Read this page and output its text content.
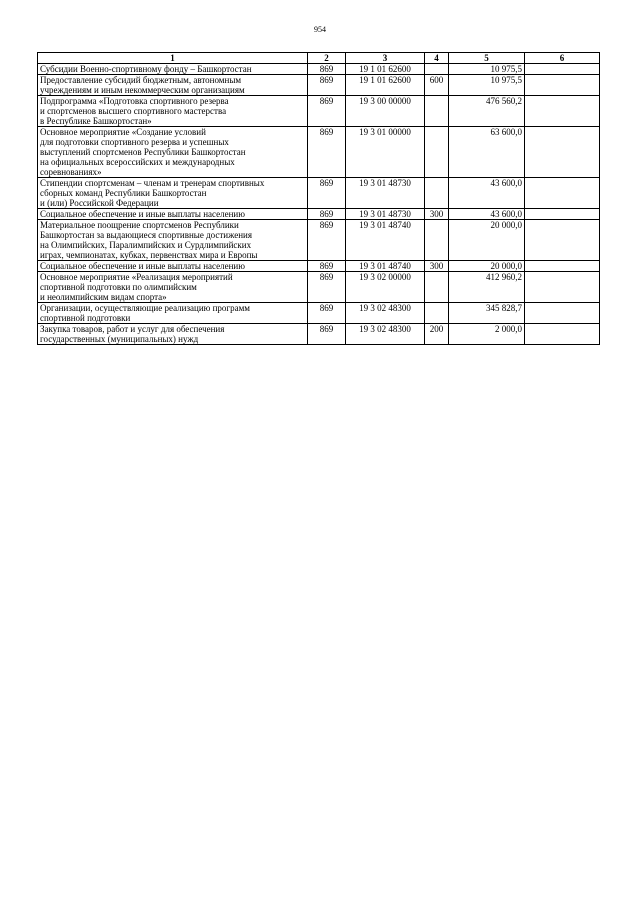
954
1	2	3	4	5	6
Субсидии Военно-спортивному фонду – Башкортостан	869	19 1 01 62600		10 975,5	
Предоставление субсидий бюджетным, автономным
учреждениям и иным некоммерческим организациям	869	19 1 01 62600	600	10 975,5	
Подпрограмма «Подготовка спортивного резерва
и спортсменов высшего спортивного мастерства
в Республике Башкортостан»	869	19 3 00 00000		476 560,2	
Основное мероприятие «Создание условий
для подготовки спортивного резерва и успешных
выступлений спортсменов Республики Башкортостан
на официальных всероссийских и международных
соревнованиях»	869	19 3 01 00000		63 600,0	
Стипендии спортсменам – членам и тренерам спортивных
сборных команд Республики Башкортостан
и (или) Российской Федерации	869	19 3 01 48730		43 600,0	
Социальное обеспечение и иные выплаты населению	869	19 3 01 48730	300	43 600,0	
Материальное поощрение спортсменов Республики
Башкортостан за выдающиеся спортивные достижения
на Олимпийских, Паралимпийских и Сурдлимпийских
играх, чемпионатах, кубках, первенствах мира и Европы	869	19 3 01 48740		20 000,0	
Социальное обеспечение и иные выплаты населению	869	19 3 01 48740	300	20 000,0	
Основное мероприятие «Реализация мероприятий
спортивной подготовки по олимпийским
и неолимпийским видам спорта»	869	19 3 02 00000		412 960,2	
Организации, осуществляющие реализацию программ
спортивной подготовки	869	19 3 02 48300		345 828,7	
Закупка товаров, работ и услуг для обеспечения
государственных (муниципальных) нужд	869	19 3 02 48300	200	2 000,0	
